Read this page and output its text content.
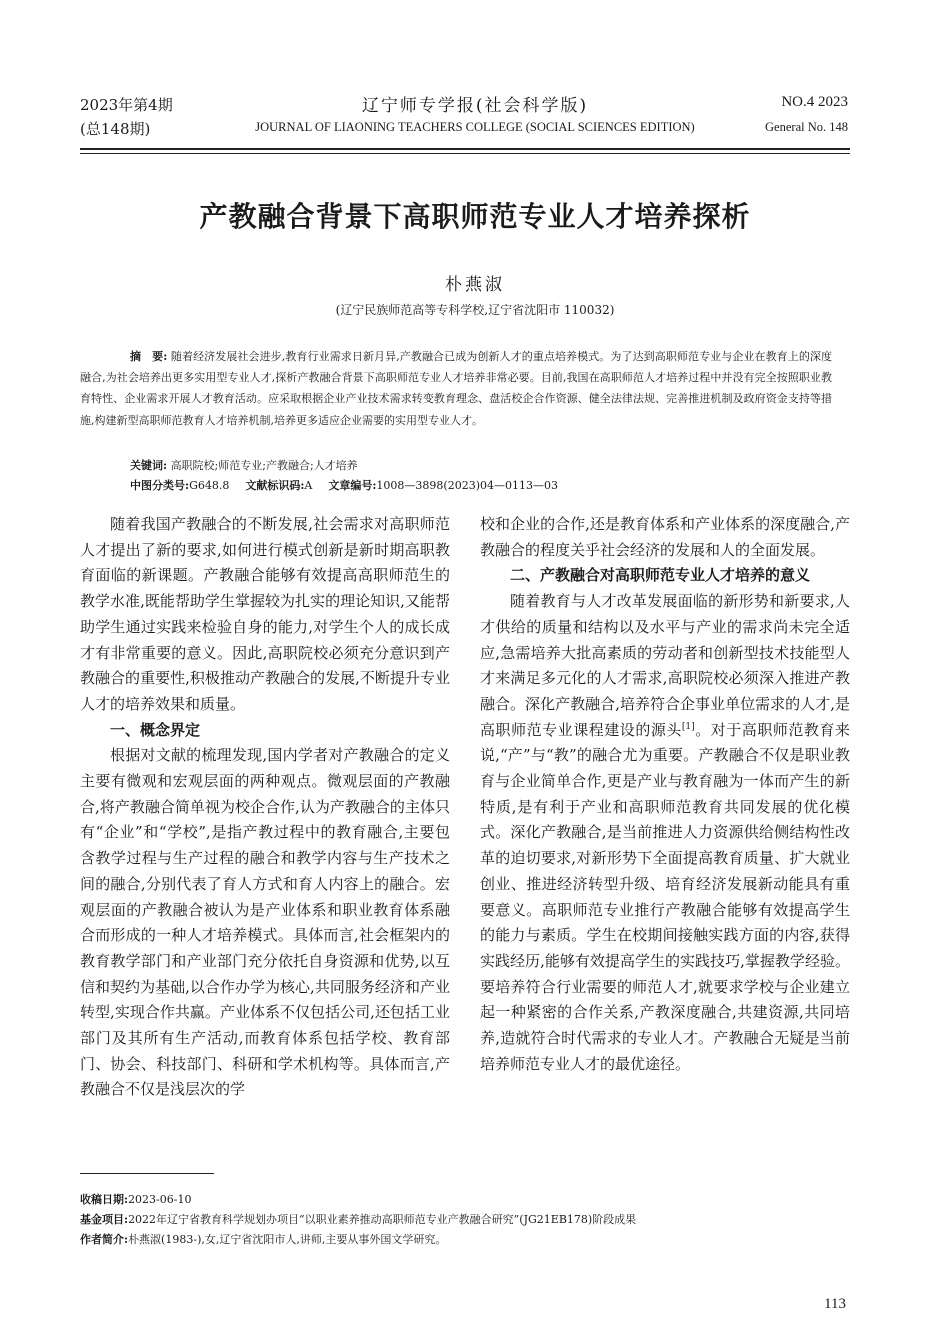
2023年第4期
(总148期)
辽宁师专学报(社会科学版)
JOURNAL OF LIAONING TEACHERS COLLEGE (SOCIAL SCIENCES EDITION)
NO.4 2023
General No. 148
产教融合背景下高职师范专业人才培养探析
朴燕淑
(辽宁民族师范高等专科学校,辽宁省沈阳市 110032)
摘　要: 随着经济发展社会进步,教育行业需求日新月异,产教融合已成为创新人才的重点培养模式。为了达到高职师范专业与企业在教育上的深度融合,为社会培养出更多实用型专业人才,探析产教融合背景下高职师范专业人才培养非常必要。目前,我国在高职师范人才培养过程中并没有完全按照职业教育特性、企业需求开展人才教育活动。应采取根据企业产业技术需求转变教育理念、盘活校企合作资源、健全法律法规、完善推进机制及政府资金支持等措施,构建新型高职师范教育人才培养机制,培养更多适应企业需要的实用型专业人才。
关键词: 高职院校;师范专业;产教融合;人才培养
中图分类号:G648.8 文献标识码:A 文章编号:1008—3898(2023)04—0113—03

随着我国产教融合的不断发展,社会需求对高职师范人才提出了新的要求,如何进行模式创新是新时期高职教育面临的新课题。产教融合能够有效提高高职师范生的教学水准,既能帮助学生掌握较为扎实的理论知识,又能帮助学生通过实践来检验自身的能力,对学生个人的成长成才有非常重要的意义。因此,高职院校必须充分意识到产教融合的重要性,积极推动产教融合的发展,不断提升专业人才的培养效果和质量。

一、概念界定

根据对文献的梳理发现,国内学者对产教融合的定义主要有微观和宏观层面的两种观点。微观层面的产教融合,将产教融合简单视为校企合作,认为产教融合的主体只有“企业”和“学校”,是指产教过程中的教育融合,主要包含教学过程与生产过程的融合和教学内容与生产技术之间的融合,分别代表了育人方式和育人内容上的融合。宏观层面的产教融合被认为是产业体系和职业教育体系融合而形成的一种人才培养模式。具体而言,社会框架内的教育教学部门和产业部门充分依托自身资源和优势,以互信和契约为基础,以合作办学为核心,共同服务经济和产业转型,实现合作共赢。产业体系不仅包括公司,还包括工业部门及其所有生产活动,而教育体系包括学校、教育部门、协会、科技部门、科研和学术机构等。具体而言,产教融合不仅是浅层次的学

校和企业的合作,还是教育体系和产业体系的深度融合,产教融合的程度关乎社会经济的发展和人的全面发展。

二、产教融合对高职师范专业人才培养的意义

随着教育与人才改革发展面临的新形势和新要求,人才供给的质量和结构以及水平与产业的需求尚未完全适应,急需培养大批高素质的劳动者和创新型技术技能型人才来满足多元化的人才需求,高职院校必须深入推进产教融合。深化产教融合,培养符合企事业单位需求的人才,是高职师范专业课程建设的源头[1]。对于高职师范教育来说,“产”与“教”的融合尤为重要。产教融合不仅是职业教育与企业简单合作,更是产业与教育融为一体而产生的新特质,是有利于产业和高职师范教育共同发展的优化模式。深化产教融合,是当前推进人力资源供给侧结构性改革的迫切要求,对新形势下全面提高教育质量、扩大就业创业、推进经济转型升级、培育经济发展新动能具有重要意义。高职师范专业推行产教融合能够有效提高学生的能力与素质。学生在校期间接触实践方面的内容,获得实践经历,能够有效提高学生的实践技巧,掌握教学经验。要培养符合行业需要的师范人才,就要求学校与企业建立起一种紧密的合作关系,产教深度融合,共建资源,共同培养,造就符合时代需求的专业人才。产教融合无疑是当前培养师范专业人才的最优途径。

收稿日期:2023-06-10
基金项目:2022年辽宁省教育科学规划办项目“以职业素养推动高职师范专业产教融合研究”(JG21EB178)阶段成果
作者简介:朴燕淑(1983-),女,辽宁省沈阳市人,讲师,主要从事外国文学研究。
113
